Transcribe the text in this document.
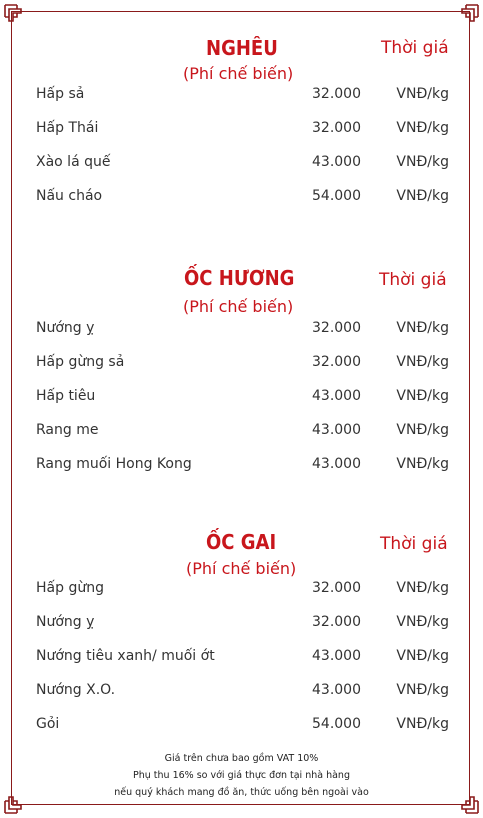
NGHÊU	Thời giá
(Phí chế biến)
Hấp sả	32.000	VNĐ/kg
Hấp Thái	32.000	VNĐ/kg
Xào lá quế	43.000	VNĐ/kg
Nấu cháo	54.000	VNĐ/kg
ỐC HƯƠNG	Thời giá
(Phí chế biến)
Nướng ỵ	32.000	VNĐ/kg
Hấp gừng sả	32.000	VNĐ/kg
Hấp tiêu	43.000	VNĐ/kg
Rang me	43.000	VNĐ/kg
Rang muối Hong Kong	43.000	VNĐ/kg
ỐC GAI	Thời giá
(Phí chế biến)
Hấp gừng	32.000	VNĐ/kg
Nướng ỵ	32.000	VNĐ/kg
Nướng tiêu xanh/ muối ớt	43.000	VNĐ/kg
Nướng X.O.	43.000	VNĐ/kg
Gỏi	54.000	VNĐ/kg
Giá trên chưa bao gồm VAT 10%
Phụ thu 16% so với giá thực đơn tại nhà hàng
nếu quý khách mang đồ ăn, thức uống bên ngoài vào
